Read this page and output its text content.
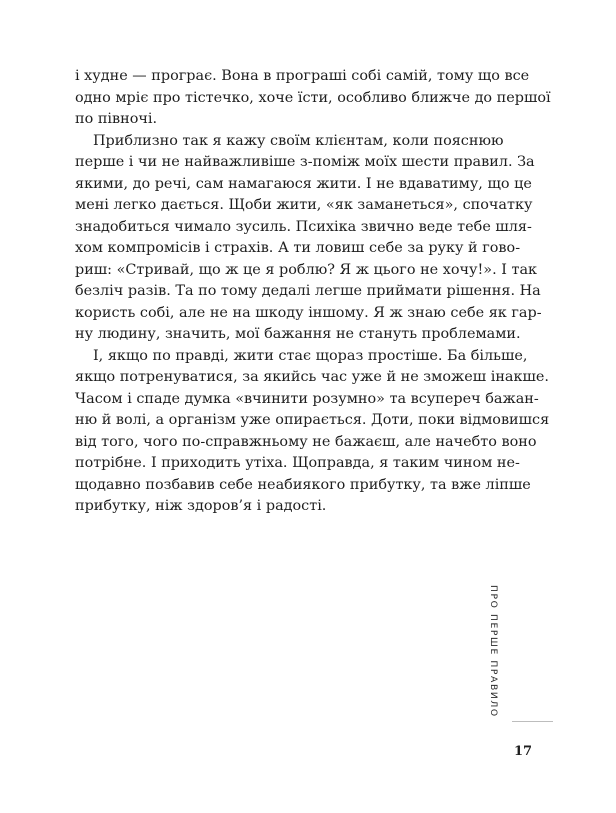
і худне — програє. Вона в програші собі самій, тому що все
одно мріє про тістечко, хоче їсти, особливо ближче до першої
по півночі.
Приблизно так я кажу своїм клієнтам, коли пояснюю
перше і чи не найважливіше з-поміж моїх шести правил. За
якими, до речі, сам намагаюся жити. І не вдаватиму, що це
мені легко дається. Щоби жити, «як заманеться», спочатку
знадобиться чимало зусиль. Психіка звично веде тебе шля-
хом компромісів і страхів. А ти ловиш себе за руку й гово-
риш: «Стривай, що ж це я роблю? Я ж цього не хочу!». І так
безліч разів. Та по тому дедалі легше приймати рішення. На
користь собі, але не на шкоду іншому. Я ж знаю себе як гар-
ну людину, значить, мої бажання не стануть проблемами.
І, якщо по правді, жити стає щораз простіше. Ба більше,
якщо потренуватися, за якийсь час уже й не зможеш інакше.
Часом і спаде думка «вчинити розумно» та всупереч бажан-
ню й волі, а організм уже опирається. Доти, поки відмовишся
від того, чого по-справжньому не бажаєш, але начебто воно
потрібне. І приходить утіха. Щоправда, я таким чином не-
щодавно позбавив себе неабиякого прибутку, та вже ліпше
прибутку, ніж здоров’я і радості.
ПРО ПЕРШЕ ПРАВИЛО
17
